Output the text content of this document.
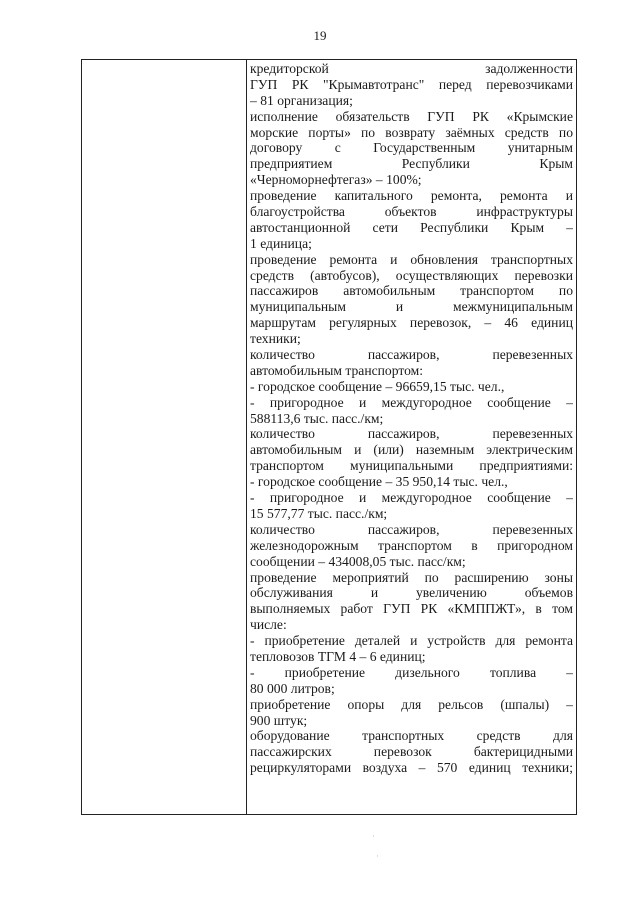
19
кредиторской задолженности
ГУП РК "Крымавтотранс" перед перевозчиками
– 81 организация;
исполнение обязательств ГУП РК «Крымские
морские порты» по возврату заёмных средств по
договору с Государственным унитарным
предприятием Республики Крым
«Черноморнефтегаз» – 100%;
проведение капитального ремонта, ремонта и
благоустройства объектов инфраструктуры
автостанционной сети Республики Крым –
1 единица;
проведение ремонта и обновления транспортных
средств (автобусов), осуществляющих перевозки
пассажиров автомобильным транспортом по
муниципальным и межмуниципальным
маршрутам регулярных перевозок, – 46 единиц
техники;
количество пассажиров, перевезенных
автомобильным транспортом:
- городское сообщение – 96659,15 тыс. чел.,
- пригородное и междугородное сообщение –
588113,6 тыс. пасс./км;
количество пассажиров, перевезенных
автомобильным и (или) наземным электрическим
транспортом муниципальными предприятиями:
- городское сообщение – 35 950,14 тыс. чел.,
- пригородное и междугородное сообщение –
15 577,77 тыс. пасс./км;
количество пассажиров, перевезенных
железнодорожным транспортом в пригородном
сообщении – 434008,05 тыс. пасс/км;
проведение мероприятий по расширению зоны
обслуживания и увеличению объемов
выполняемых работ ГУП РК «КМППЖТ», в том
числе:
- приобретение деталей и устройств для ремонта
тепловозов ТГМ 4 – 6 единиц;
- приобретение дизельного топлива –
80 000 литров;
приобретение опоры для рельсов (шпалы) –
900 штук;
оборудование транспортных средств для
пассажирских перевозок бактерицидными
рециркуляторами воздуха – 570 единиц техники;
·
·
